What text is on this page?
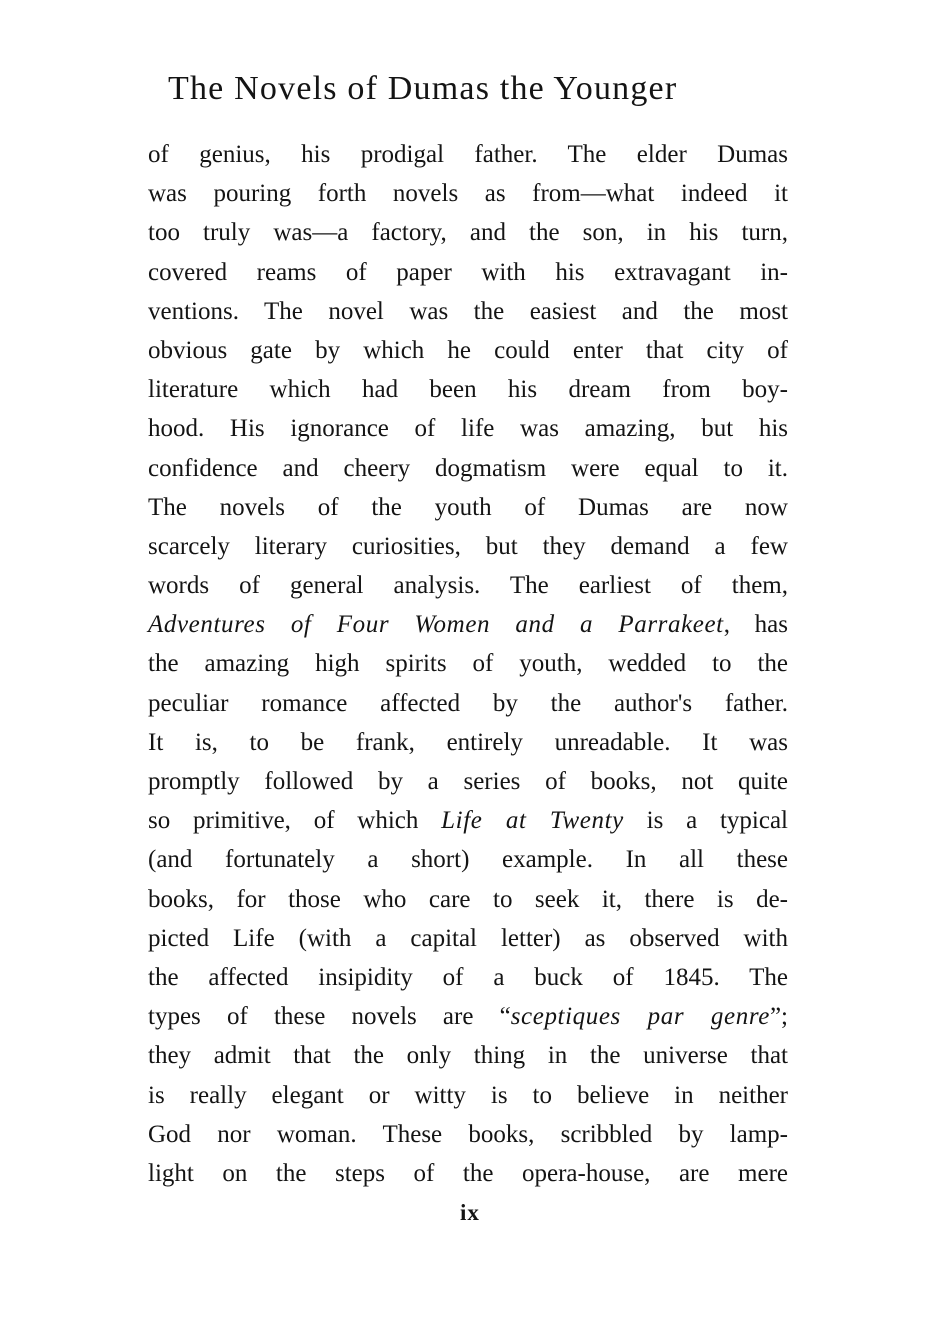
The Novels of Dumas the Younger
of genius, his prodigal father. The elder Dumas
was pouring forth novels as from—what indeed it
too truly was—a factory, and the son, in his turn,
covered reams of paper with his extravagant in-
ventions. The novel was the easiest and the most
obvious gate by which he could enter that city of
literature which had been his dream from boy-
hood. His ignorance of life was amazing, but his
confidence and cheery dogmatism were equal to it.
The novels of the youth of Dumas are now
scarcely literary curiosities, but they demand a few
words of general analysis. The earliest of them,
Adventures of Four Women and a Parrakeet, has
the amazing high spirits of youth, wedded to the
peculiar romance affected by the author's father.
It is, to be frank, entirely unreadable. It was
promptly followed by a series of books, not quite
so primitive, of which Life at Twenty is a typical
(and fortunately a short) example. In all these
books, for those who care to seek it, there is de-
picted Life (with a capital letter) as observed with
the affected insipidity of a buck of 1845. The
types of these novels are “sceptiques par genre”;
they admit that the only thing in the universe that
is really elegant or witty is to believe in neither
God nor woman. These books, scribbled by lamp-
light on the steps of the opera-house, are mere
ix
